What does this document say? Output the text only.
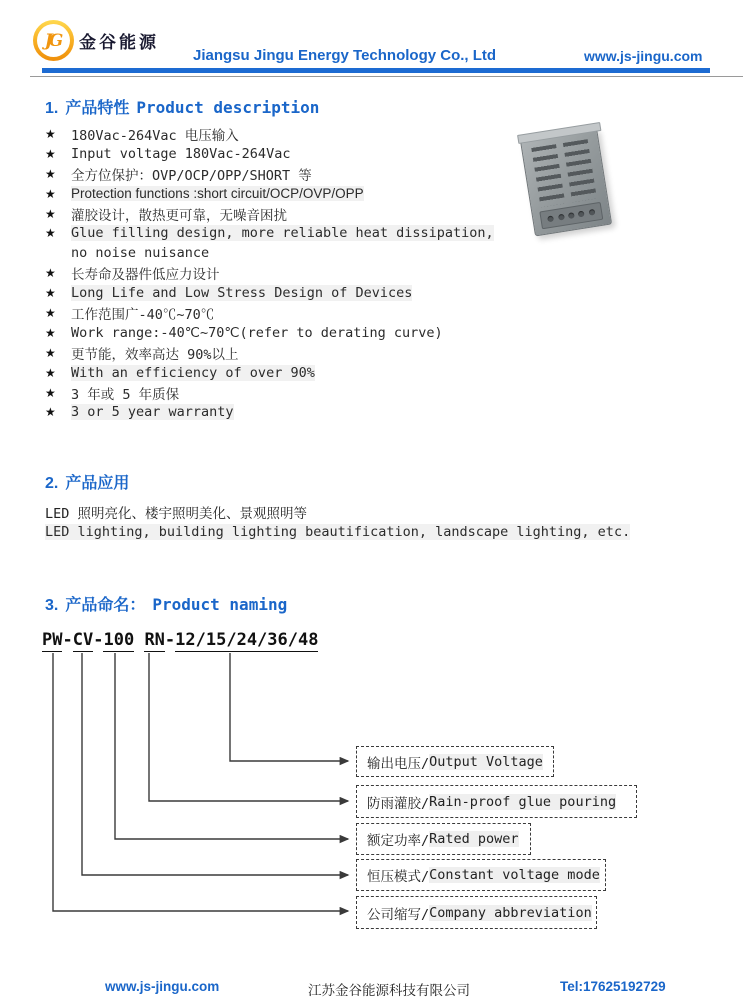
JG 金谷能源
Jiangsu Jingu Energy Technology Co., Ltd	www.js-jingu.com
1. 产品特性 Product description
★	180Vac-264Vac 电压输入
★	Input voltage 180Vac-264Vac
★	全方位保护：OVP/OCP/OPP/SHORT 等
★	Protection functions :short circuit/OCP/OVP/OPP
★	灌胶设计，散热更可靠，无噪音困扰
★	Glue filling design, more reliable heat dissipation,
no noise nuisance
★	长寿命及器件低应力设计
★	Long Life and Low Stress Design of Devices
★	工作范围广-40℃~70℃
★	Work range:-40℃~70℃(refer to derating curve)
★	更节能，效率高达 90%以上
★	With an efficiency of over 90%
★	3 年或 5 年质保
★	3 or 5 year warranty
2. 产品应用
LED 照明亮化、楼宇照明美化、景观照明等
LED lighting, building lighting beautification, landscape lighting, etc.
3. 产品命名： Product naming
PW-CV-100 RN-12/15/24/36/48
输出电压/ Output Voltage
防雨灌胶/ Rain-proof glue pouring
额定功率/ Rated power
恒压模式/ Constant voltage mode
公司缩写/ Company abbreviation
www.js-jingu.com	江苏金谷能源科技有限公司	Tel:17625192729
